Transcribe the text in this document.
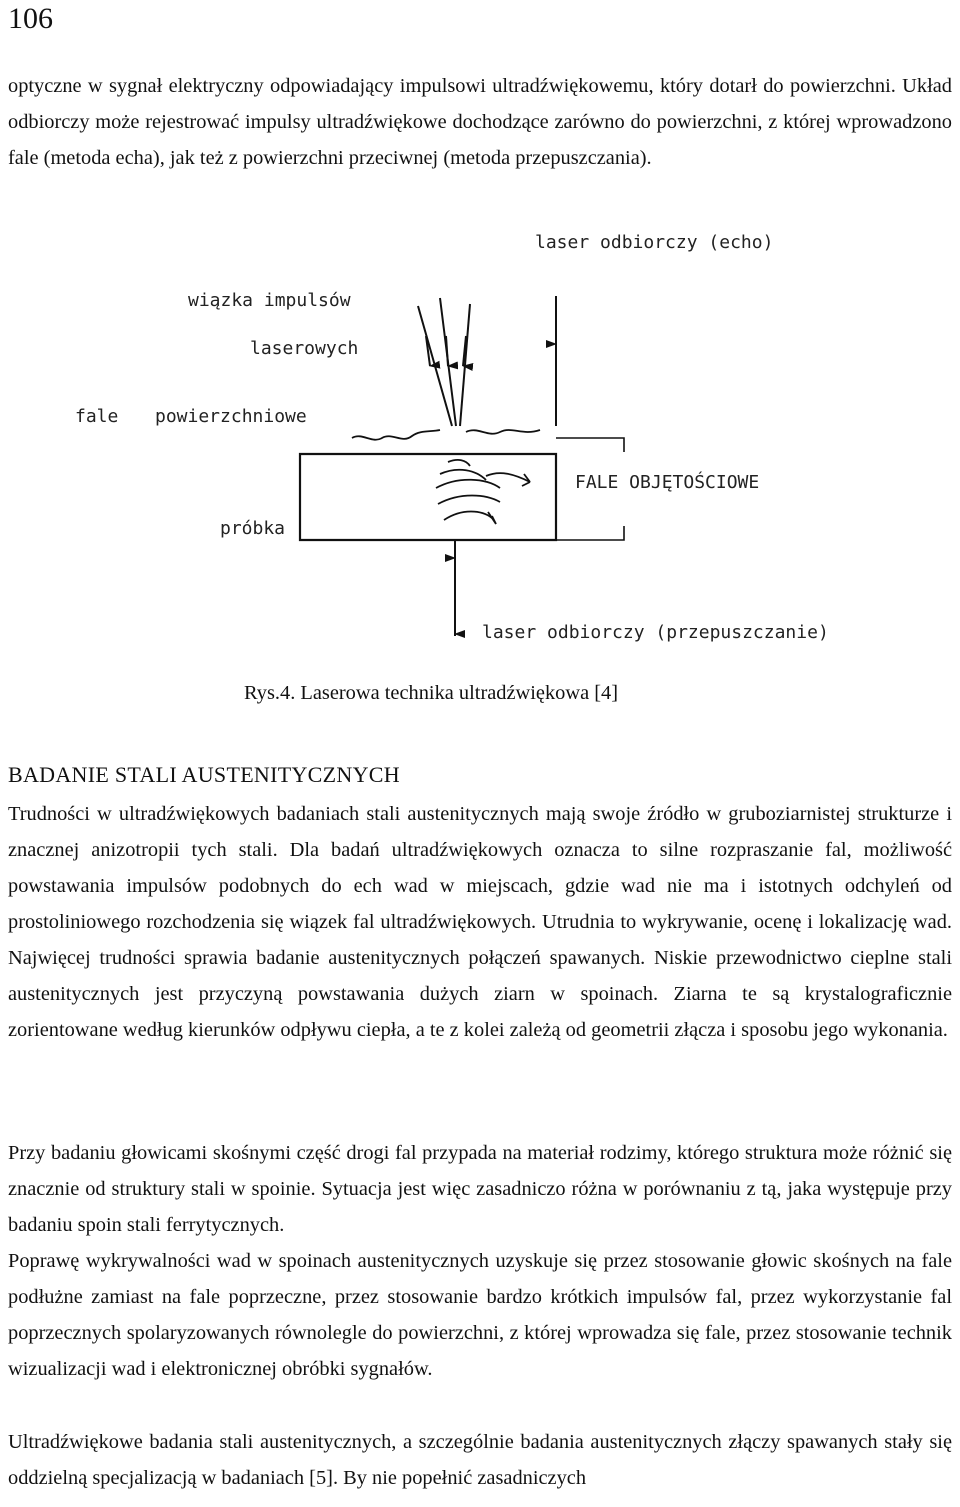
106

optyczne w sygnał elektryczny odpowiadający impulsowi ultradźwiękowemu, który dotarł do powierzchni. Układ odbiorczy może rejestrować impulsy ultradźwiękowe dochodzące zarówno do powierzchni, z której wprowadzono fale (metoda echa), jak też z powierzchni przeciwnej (metoda przepuszczania).

laser odbiorczy (echo)
wiązka impulsów
laserowych
fale powierzchniowe
FALE OBJĘTOŚCIOWE
próbka
laser odbiorczy (przepuszczanie)
Rys.4. Laserowa technika ultradźwiękowa [4]
BADANIE STALI AUSTENITYCZNYCH

Trudności w ultradźwiękowych badaniach stali austenitycznych mają swoje źródło w gruboziarnistej strukturze i znacznej anizotropii tych stali. Dla badań ultradźwiękowych oznacza to silne rozpraszanie fal, możliwość powstawania impulsów podobnych do ech wad w miejscach, gdzie wad nie ma i istotnych odchyleń od prostoliniowego rozchodzenia się wiązek fal ultradźwiękowych. Utrudnia to wykrywanie, ocenę i lokalizację wad. Najwięcej trudności sprawia badanie austenitycznych połączeń spawanych. Niskie przewodnictwo cieplne stali austenitycznych jest przyczyną powstawania dużych ziarn w spoinach. Ziarna te są krystalograficznie zorientowane według kierunków odpływu ciepła, a te z kolei zależą od geometrii złącza i sposobu jego wykonania.

Przy badaniu głowicami skośnymi część drogi fal przypada na materiał rodzimy, którego struktura może różnić się znacznie od struktury stali w spoinie. Sytuacja jest więc zasadniczo różna w porównaniu z tą, jaka występuje przy badaniu spoin stali ferrytycznych.

Poprawę wykrywalności wad w spoinach austenitycznych uzyskuje się przez stosowanie głowic skośnych na fale podłużne zamiast na fale poprzeczne, przez stosowanie bardzo krótkich impulsów fal, przez wykorzystanie fal poprzecznych spolaryzowanych równolegle do powierzchni, z której wprowadza się fale, przez stosowanie technik wizualizacji wad i elektronicznej obróbki sygnałów.

Ultradźwiękowe badania stali austenitycznych, a szczególnie badania austenitycznych złączy spawanych stały się oddzielną specjalizacją w badaniach [5]. By nie popełnić zasadniczych
